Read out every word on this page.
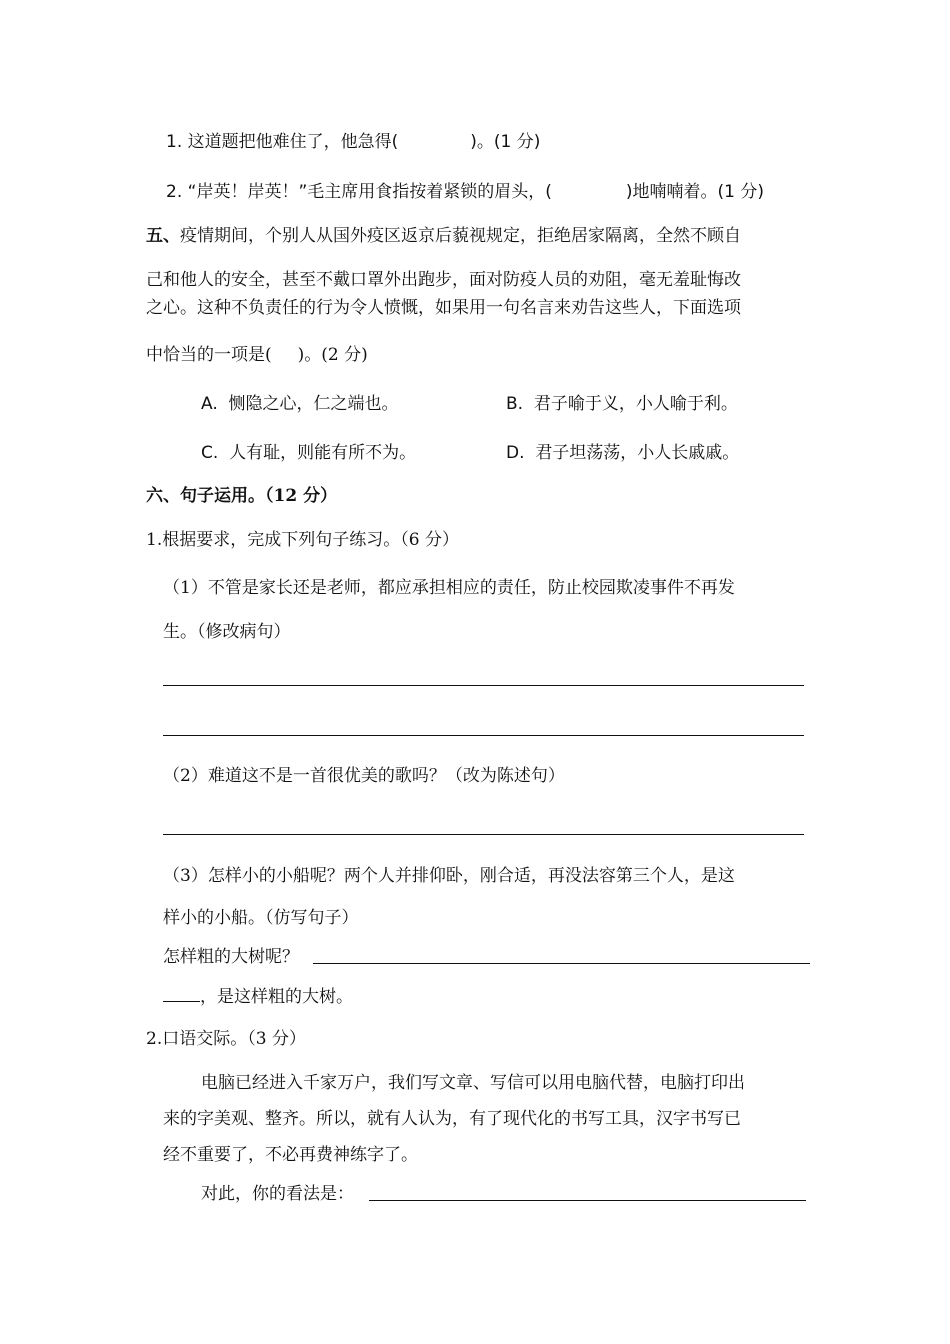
1. 这道题把他难住了，他急得(	)。(1 分)
2. “岸英！岸英！”毛主席用食指按着紧锁的眉头，(	)地喃喃着。(1 分)
五、疫情期间，个别人从国外疫区返京后藐视规定，拒绝居家隔离，全然不顾自
己和他人的安全，甚至不戴口罩外出跑步，面对防疫人员的劝阻，毫无羞耻悔改
之心。这种不负责任的行为令人愤慨，如果用一句名言来劝告这些人，下面选项
中恰当的一项是( )。(2 分)
A. 恻隐之心，仁之端也。	B. 君子喻于义，小人喻于利。
C. 人有耻，则能有所不为。	D. 君子坦荡荡，小人长戚戚。
六、句子运用。（12 分）
1.根据要求，完成下列句子练习。（6 分）
（1）不管是家长还是老师，都应承担相应的责任，防止校园欺凌事件不再发
生。（修改病句）
（2）难道这不是一首很优美的歌吗？（改为陈述句）
（3）怎样小的小船呢？两个人并排仰卧，刚合适，再没法容第三个人，是这
样小的小船。（仿写句子）
怎样粗的大树呢？
，是这样粗的大树。
2.口语交际。（3 分）
电脑已经进入千家万户，我们写文章、写信可以用电脑代替，电脑打印出
来的字美观、整齐。所以，就有人认为，有了现代化的书写工具，汉字书写已
经不重要了，不必再费神练字了。
对此，你的看法是：
